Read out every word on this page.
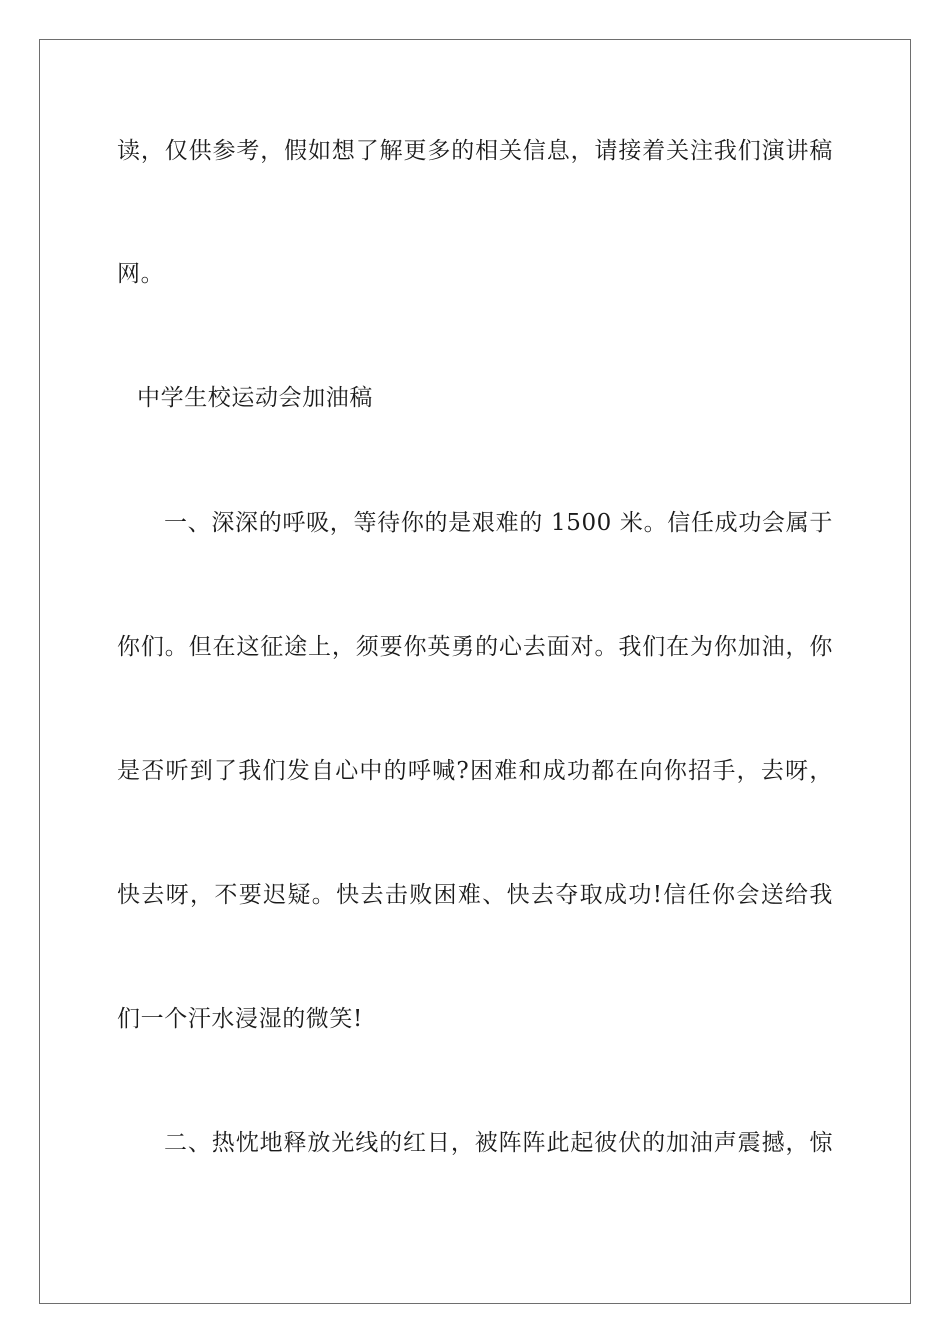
读，仅供参考，假如想了解更多的相关信息，请接着关注我们演讲稿
网。
中学生校运动会加油稿
一、深深的呼吸，等待你的是艰难的 1500 米。信任成功会属于
你们。但在这征途上，须要你英勇的心去面对。我们在为你加油，你
是否听到了我们发自心中的呼喊?困难和成功都在向你招手，去呀，
快去呀，不要迟疑。快去击败困难、快去夺取成功!信任你会送给我
们一个汗水浸湿的微笑!
二、热忱地释放光线的红日，被阵阵此起彼伏的加油声震撼，惊
